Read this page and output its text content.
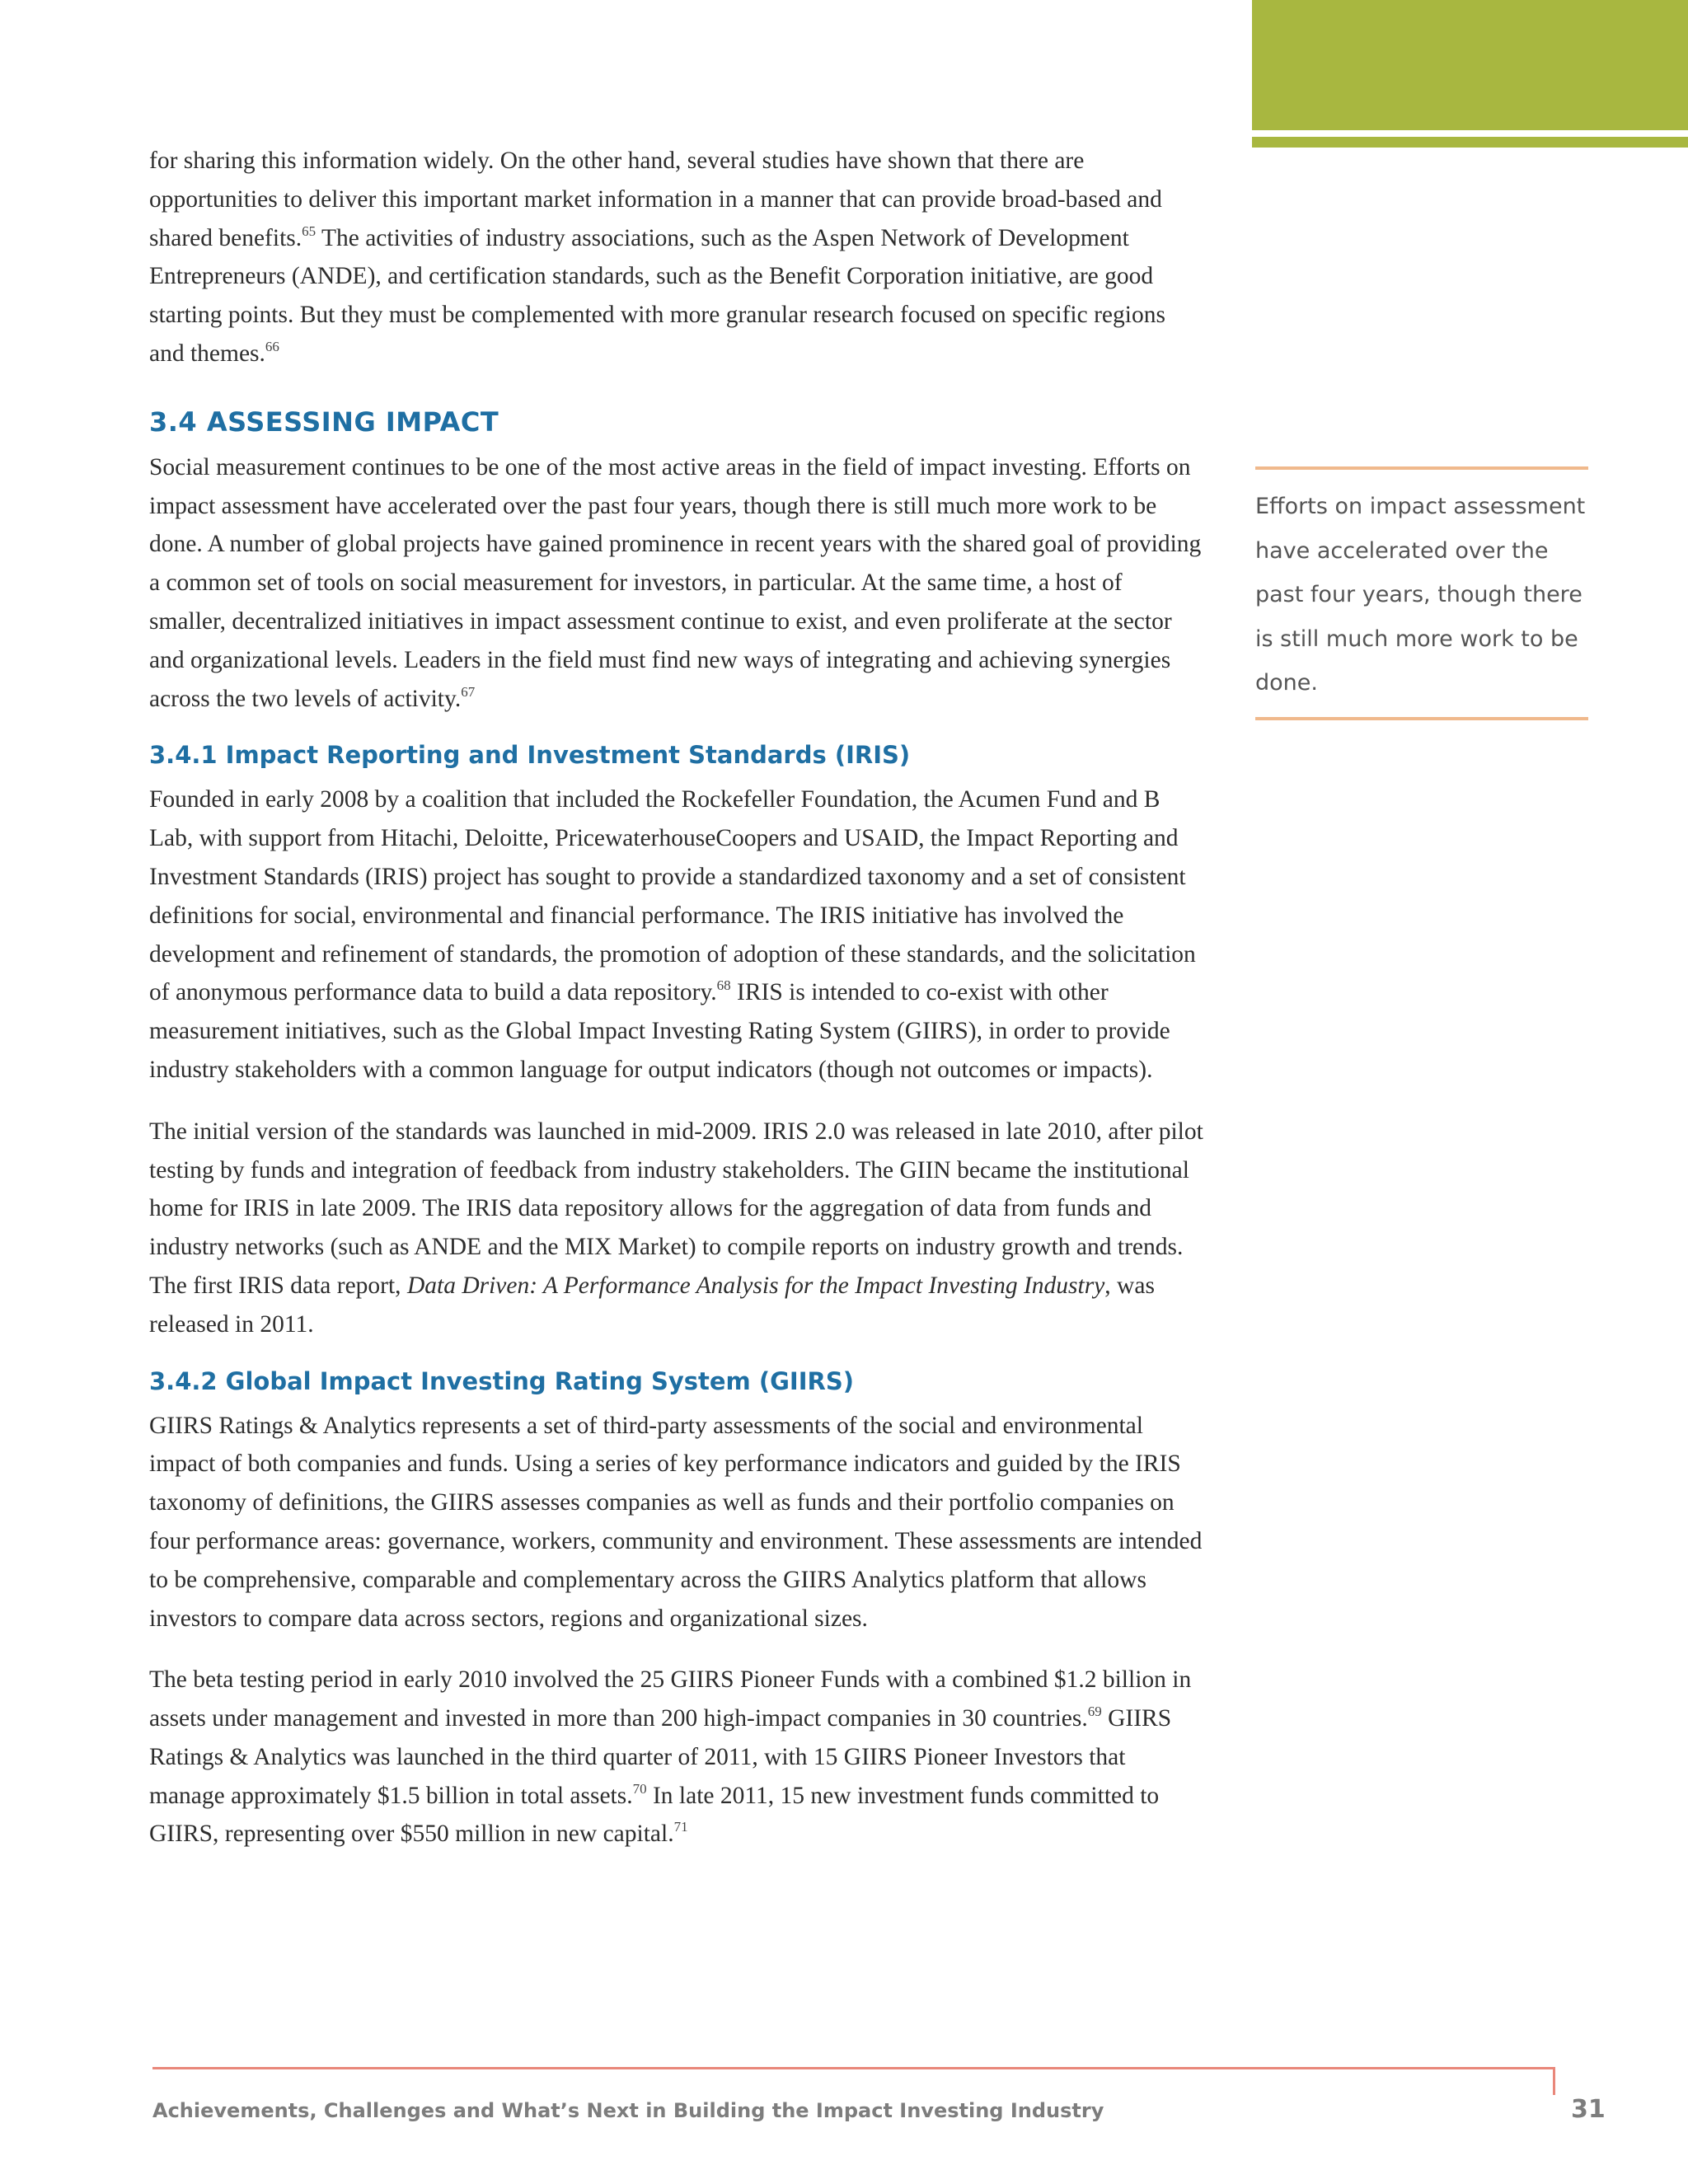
for sharing this information widely. On the other hand, several studies have shown that there are opportunities to deliver this important market information in a manner that can provide broad-based and shared benefits.$^{65}$ The activities of industry associations, such as the Aspen Network of Development Entrepreneurs (ANDE), and certification standards, such as the Benefit Corporation initiative, are good starting points. But they must be complemented with more granular research focused on specific regions and themes.$^{66}$

3.4 ASSESSING IMPACT

Social measurement continues to be one of the most active areas in the field of impact investing. Efforts on impact assessment have accelerated over the past four years, though there is still much more work to be done. A number of global projects have gained prominence in recent years with the shared goal of providing a common set of tools on social measurement for investors, in particular. At the same time, a host of smaller, decentralized initiatives in impact assessment continue to exist, and even proliferate at the sector and organizational levels. Leaders in the field must find new ways of integrating and achieving synergies across the two levels of activity.$^{67}$

3.4.1 Impact Reporting and Investment Standards (IRIS)

Founded in early 2008 by a coalition that included the Rockefeller Foundation, the Acumen Fund and B Lab, with support from Hitachi, Deloitte, PricewaterhouseCoopers and USAID, the Impact Reporting and Investment Standards (IRIS) project has sought to provide a standardized taxonomy and a set of consistent definitions for social, environmental and financial performance. The IRIS initiative has involved the development and refinement of standards, the promotion of adoption of these standards, and the solicitation of anonymous performance data to build a data repository.$^{68}$ IRIS is intended to co-exist with other measurement initiatives, such as the Global Impact Investing Rating System (GIIRS), in order to provide industry stakeholders with a common language for output indicators (though not outcomes or impacts).

The initial version of the standards was launched in mid-2009. IRIS 2.0 was released in late 2010, after pilot testing by funds and integration of feedback from industry stakeholders. The GIIN became the institutional home for IRIS in late 2009. The IRIS data repository allows for the aggregation of data from funds and industry networks (such as ANDE and the MIX Market) to compile reports on industry growth and trends. The first IRIS data report, Data Driven: A Performance Analysis for the Impact Investing Industry, was released in 2011.

3.4.2 Global Impact Investing Rating System (GIIRS)

GIIRS Ratings & Analytics represents a set of third-party assessments of the social and environmental impact of both companies and funds. Using a series of key performance indicators and guided by the IRIS taxonomy of definitions, the GIIRS assesses companies as well as funds and their portfolio companies on four performance areas: governance, workers, community and environment. These assessments are intended to be comprehensive, comparable and complementary across the GIIRS Analytics platform that allows investors to compare data across sectors, regions and organizational sizes.

The beta testing period in early 2010 involved the 25 GIIRS Pioneer Funds with a combined $1.2 billion in assets under management and invested in more than 200 high-impact companies in 30 countries.$^{69}$ GIIRS Ratings & Analytics was launched in the third quarter of 2011, with 15 GIIRS Pioneer Investors that manage approximately $1.5 billion in total assets.$^{70}$ In late 2011, 15 new investment funds committed to GIIRS, representing over $550 million in new capital.$^{71}$

Efforts on impact assessment have accelerated over the past four years, though there is still much more work to be done.
Achievements, Challenges and What’s Next in Building the Impact Investing Industry	31
